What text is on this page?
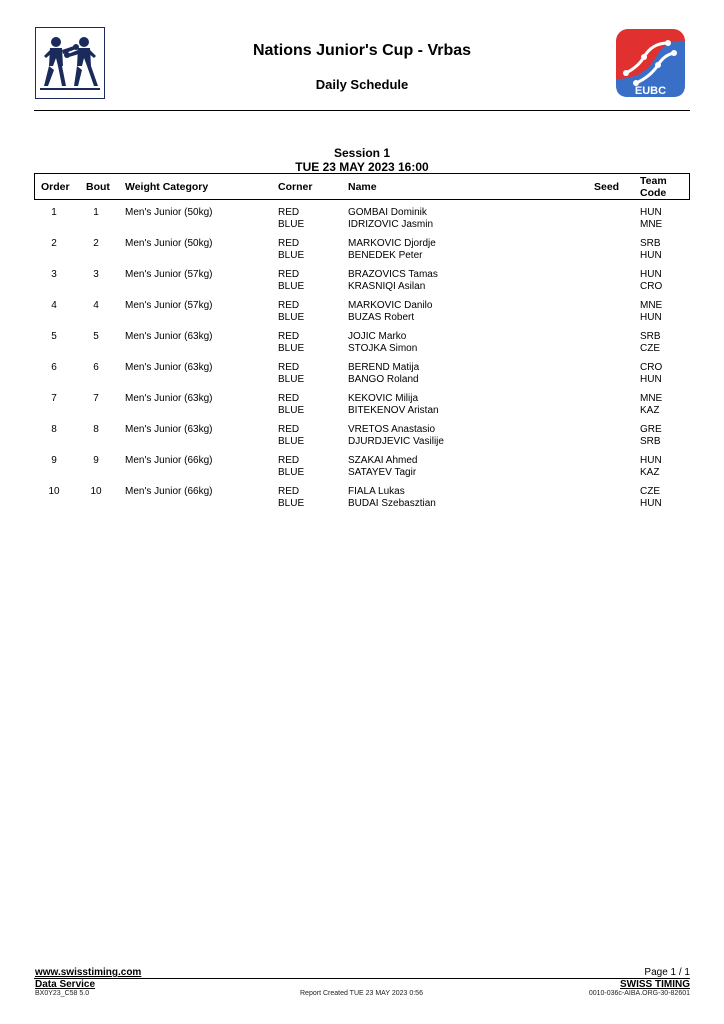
EUBC
Nations Junior's Cup - Vrbas
Daily Schedule
Session 1
TUE 23 MAY 2023 16:00
Order Bout Weight Category	Corner	Name	Seed Team
Code
1	1	Men's Junior (50kg)	RED	GOMBAI Dominik	HUN
BLUE	IDRIZOVIC Jasmin	MNE
2	2	Men's Junior (50kg)	RED	MARKOVIC Djordje	SRB
BLUE	BENEDEK Peter	HUN
3	3	Men's Junior (57kg)	RED	BRAZOVICS Tamas	HUN
BLUE	KRASNIQI Asilan	CRO
4	4	Men's Junior (57kg)	RED	MARKOVIC Danilo	MNE
BLUE	BUZAS Robert	HUN
5	5	Men's Junior (63kg)	RED	JOJIC Marko	SRB
BLUE	STOJKA Simon	CZE
6	6	Men's Junior (63kg)	RED	BEREND Matija	CRO
BLUE	BANGO Roland	HUN
7	7	Men's Junior (63kg)	RED	KEKOVIC Milija	MNE
BLUE	BITEKENOV Aristan	KAZ
8	8	Men's Junior (63kg)	RED	VRETOS Anastasio	GRE
BLUE	DJURDJEVIC Vasilije	SRB
9	9	Men's Junior (66kg)	RED	SZAKAI Ahmed	HUN
BLUE	SATAYEV Tagir	KAZ
10	10	Men's Junior (66kg)	RED	FIALA Lukas	CZE
BLUE	BUDAI Szebasztian	HUN
www.swisstiming.com	Page 1 / 1
Data Service	SWISS TIMING
BX0Y23_C58 5.0	Report Created TUE 23 MAY 2023 0:56	0010-036c-AIBA.ORG-30-82601
